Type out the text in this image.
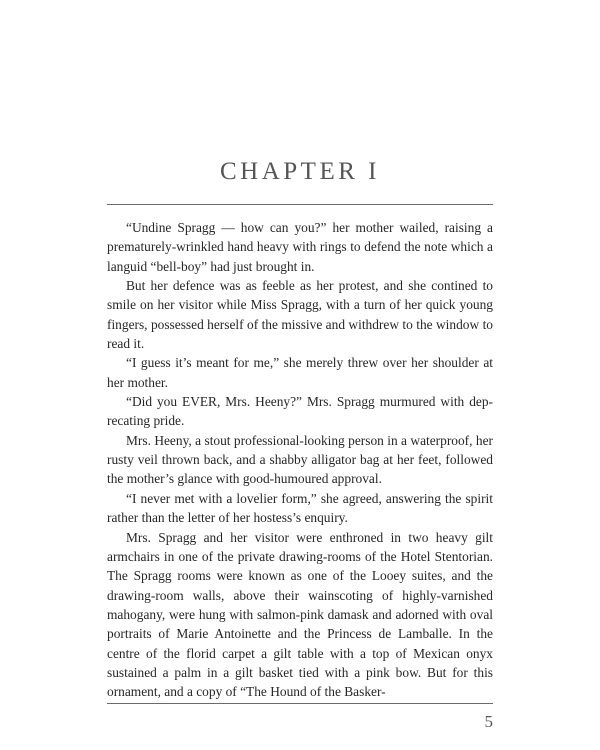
CHAPTER I

“Undine Spragg — how can you?” her mother wailed, raising a prematurely-wrinkled hand heavy with rings to defend the note which a languid “bell-boy” had just brought in.

But her defence was as feeble as her protest, and she contined to smile on her visitor while Miss Spragg, with a turn of her quick young fingers, possessed herself of the missive and withdrew to the window to read it.

“I guess it’s meant for me,” she merely threw over her shoulder at her mother.

“Did you EVER, Mrs. Heeny?” Mrs. Spragg murmured with deprecating pride.

Mrs. Heeny, a stout professional-looking person in a waterproof, her rusty veil thrown back, and a shabby alligator bag at her feet, followed the mother’s glance with good-humoured approval.

“I never met with a lovelier form,” she agreed, answering the spirit rather than the letter of her hostess’s enquiry.

Mrs. Spragg and her visitor were enthroned in two heavy gilt armchairs in one of the private drawing-rooms of the Hotel Stentorian. The Spragg rooms were known as one of the Looey suites, and the drawing-room walls, above their wainscoting of highly-varnished mahogany, were hung with salmon-pink damask and adorned with oval portraits of Marie Antoinette and the Princess de Lamballe. In the centre of the florid carpet a gilt table with a top of Mexican onyx sustained a palm in a gilt basket tied with a pink bow. But for this ornament, and a copy of “The Hound of the Basker-

5
